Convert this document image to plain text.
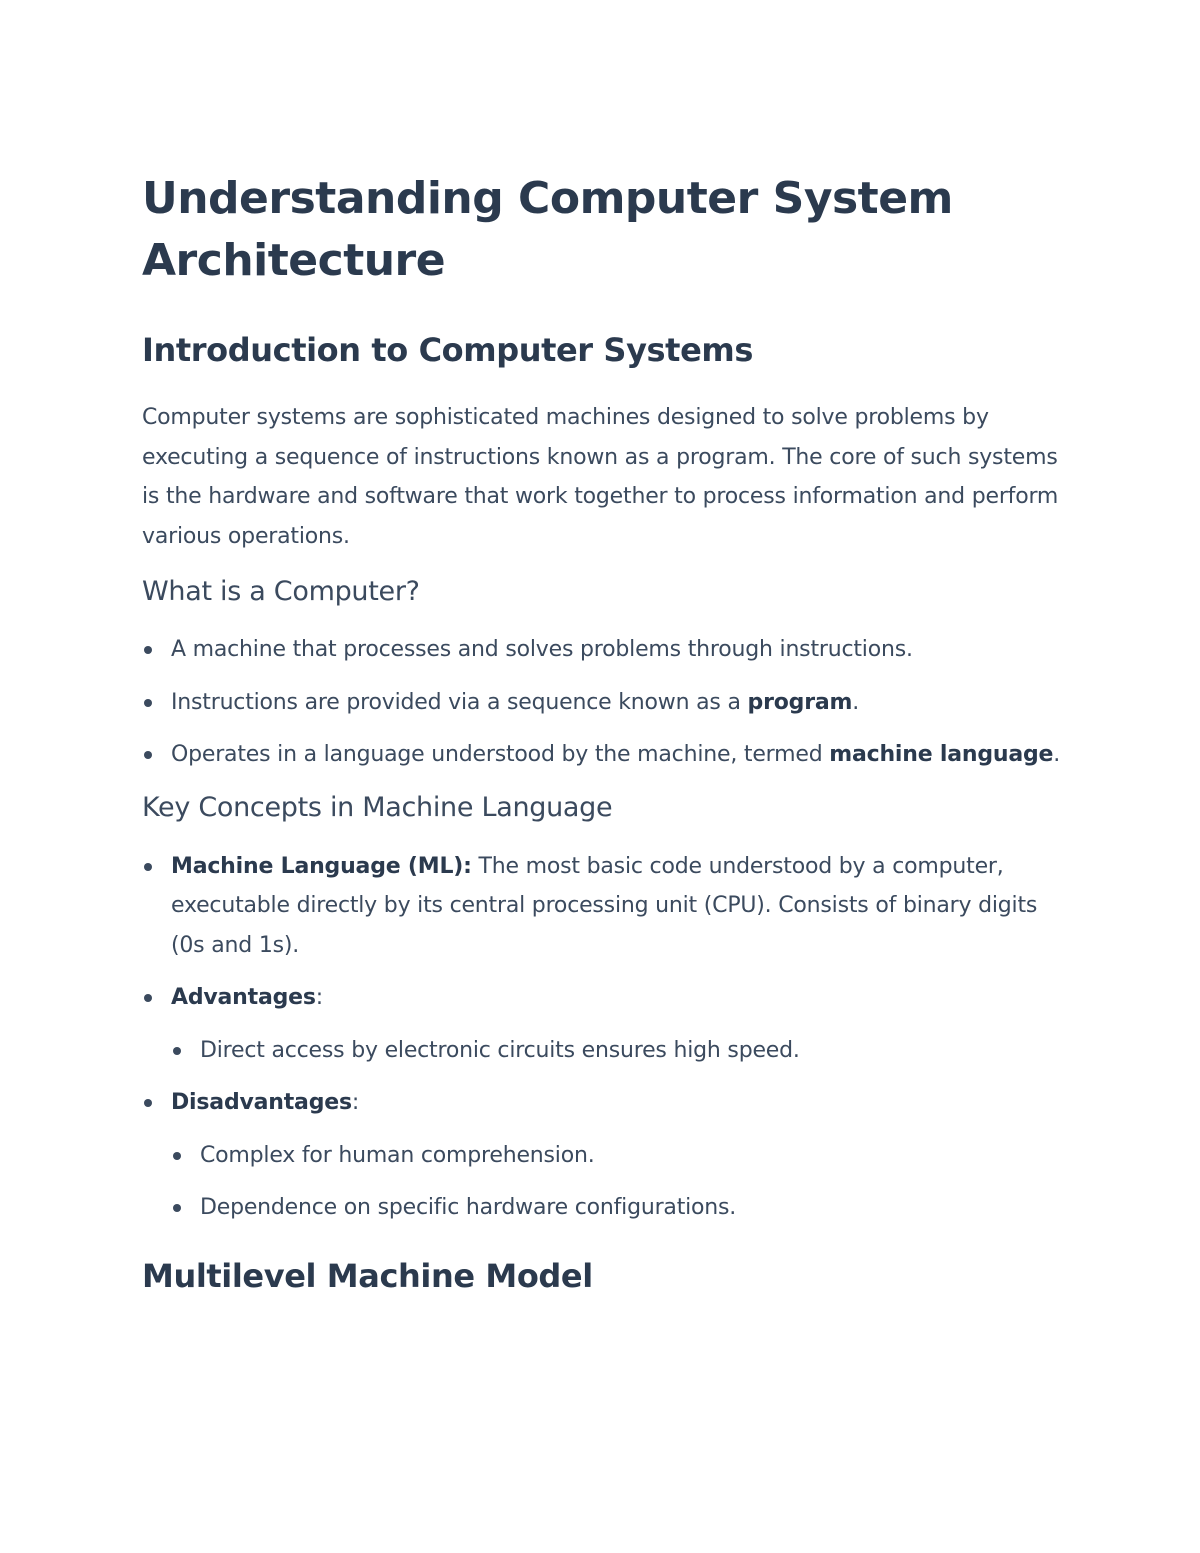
Understanding Computer System Architecture
Introduction to Computer Systems

Computer systems are sophisticated machines designed to solve problems by executing a sequence of instructions known as a program. The core of such systems is the hardware and software that work together to process information and perform various operations.

What is a Computer?
A machine that processes and solves problems through instructions.
Instructions are provided via a sequence known as a program.
Operates in a language understood by the machine, termed machine language.
Key Concepts in Machine Language
Machine Language (ML): The most basic code understood by a computer, executable directly by its central processing unit (CPU). Consists of binary digits (0s and 1s).
Advantages:
Direct access by electronic circuits ensures high speed.
Disadvantages:
Complex for human comprehension.
Dependence on specific hardware configurations.
Multilevel Machine Model
